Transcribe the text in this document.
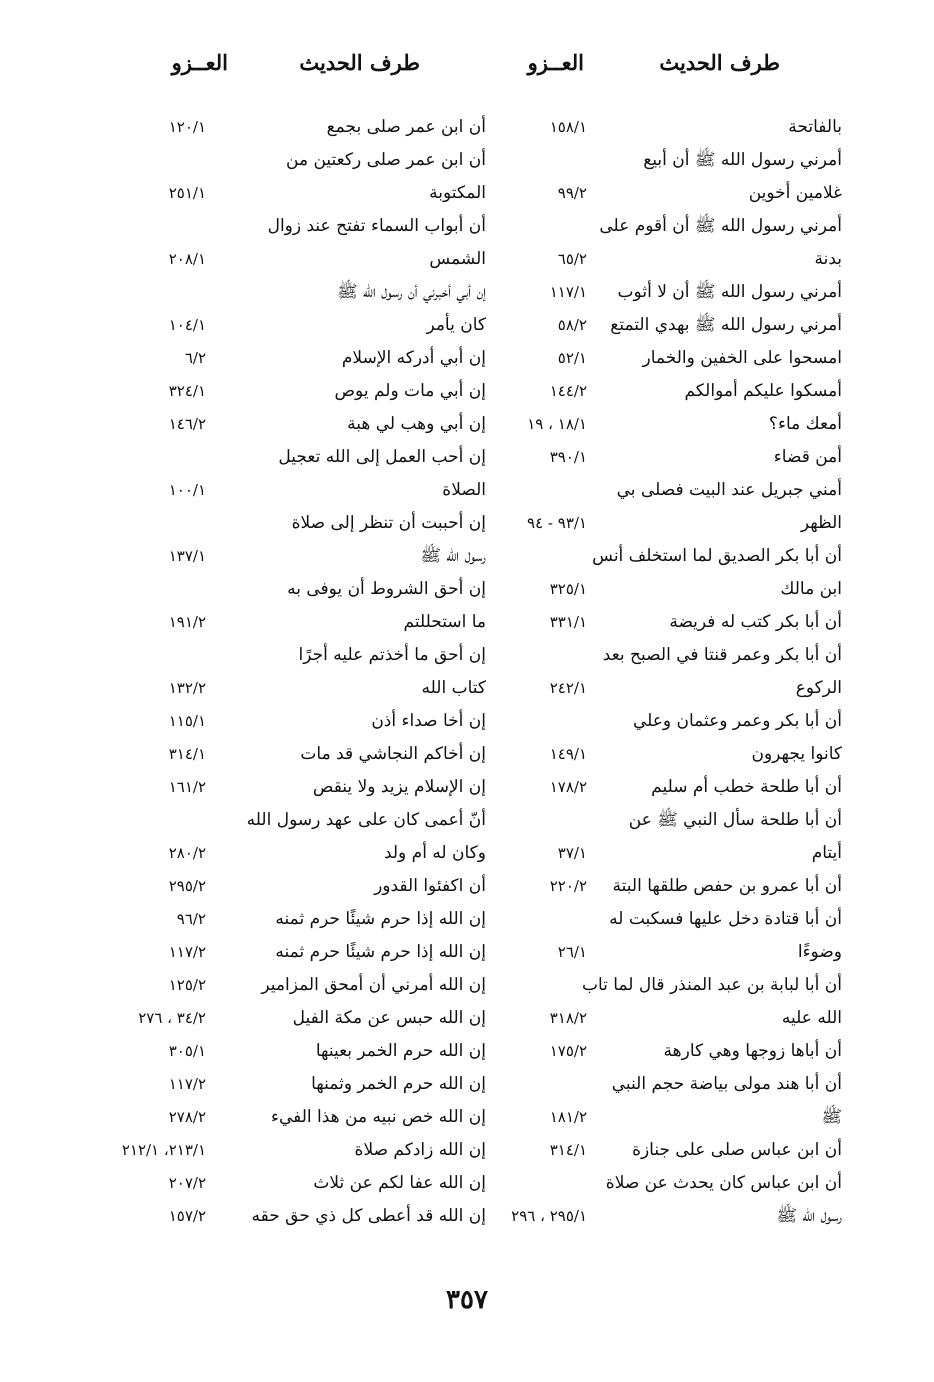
طرف الحديث
العــزو
طرف الحديث
العــزو
بالفاتحة
١٥٨/١
أمرني رسول الله ﷺ أن أبيع
غلامين أخوين
٩٩/٢
أمرني رسول الله ﷺ أن أقوم على
بدنة
٦٥/٢
أمرني رسول الله ﷺ أن لا أثوب
١١٧/١
أمرني رسول الله ﷺ بهدي التمتع
٥٨/٢
امسحوا على الخفين والخمار
٥٢/١
أمسكوا عليكم أموالكم
١٤٤/٢
أمعك ماء؟
١٨/١ ، ١٩
أمن قضاء
٣٩٠/١
أمني جبريل عند البيت فصلى بي
الظهر
٩٣/١ - ٩٤
أن أبا بكر الصديق لما استخلف أنس
ابن مالك
٣٢٥/١
أن أبا بكر كتب له فريضة
٣٣١/١
أن أبا بكر وعمر قنتا في الصبح بعد
الركوع
٢٤٢/١
أن أبا بكر وعمر وعثمان وعلي
كانوا يجهرون
١٤٩/١
أن أبا طلحة خطب أم سليم
١٧٨/٢
أن أبا طلحة سأل النبي ﷺ عن
أيتام
٣٧/١
أن أبا عمرو بن حفص طلقها البتة
٢٢٠/٢
أن أبا قتادة دخل عليها فسكبت له
وضوءًا
٢٦/١
أن أبا لبابة بن عبد المنذر قال لما تاب
الله عليه
٣١٨/٢
أن أباها زوجها وهي كارهة
١٧٥/٢
أن أبا هند مولى بياضة حجم النبي
ﷺ
١٨١/٢
أن ابن عباس صلى على جنازة
٣١٤/١
أن ابن عباس كان يحدث عن صلاة
رسول الله ﷺ
٢٩٥/١ ، ٢٩٦
أن ابن عمر صلى بجمع
١٢٠/١
أن ابن عمر صلى ركعتين من
المكتوبة
٢٥١/١
أن أبواب السماء تفتح عند زوال
الشمس
٢٠٨/١
إن أبي أخبرني أن رسول الله ﷺ
كان يأمر
١٠٤/١
إن أبي أدركه الإسلام
٦/٢
إن أبي مات ولم يوص
٣٢٤/١
إن أبي وهب لي هبة
١٤٦/٢
إن أحب العمل إلى الله تعجيل
الصلاة
١٠٠/١
إن أحببت أن تنظر إلى صلاة
رسول الله ﷺ
١٣٧/١
إن أحق الشروط أن يوفى به
ما استحللتم
١٩١/٢
إن أحق ما أخذتم عليه أجرًا
كتاب الله
١٣٢/٢
إن أخا صداء أذن
١١٥/١
إن أخاكم النجاشي قد مات
٣١٤/١
إن الإسلام يزيد ولا ينقص
١٦١/٢
أنّ أعمى كان على عهد رسول الله
وكان له أم ولد
٢٨٠/٢
أن اكفئوا القدور
٢٩٥/٢
إن الله إذا حرم شيئًا حرم ثمنه
٩٦/٢
إن الله إذا حرم شيئًا حرم ثمنه
١١٧/٢
إن الله أمرني أن أمحق المزامير
١٢٥/٢
إن الله حبس عن مكة الفيل
٣٤/٢ ، ٢٧٦
إن الله حرم الخمر بعينها
٣٠٥/١
إن الله حرم الخمر وثمنها
١١٧/٢
إن الله خص نبيه من هذا الفيء
٢٧٨/٢
إن الله زادكم صلاة
٢١٣/١، ٢١٢/١
إن الله عفا لكم عن ثلاث
٢٠٧/٢
إن الله قد أعطى كل ذي حق حقه
١٥٧/٢
٣٥٧
